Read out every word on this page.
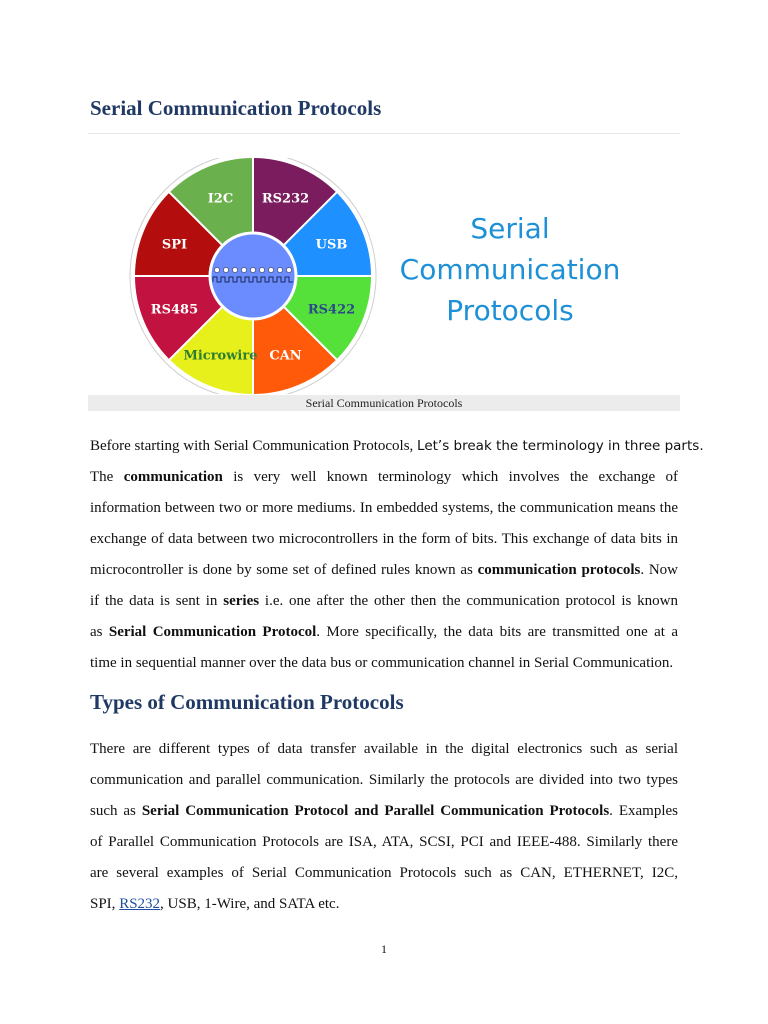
Serial Communication Protocols
I2C RS232
USB
RS422
CAN
Microwire
RS485
SPI	Serial
Communication
Protocols
Serial Communication Protocols
Before starting with Serial Communication Protocols, Let’s break the terminology in three parts.
The communication is very well known terminology which involves the exchange of
information between two or more mediums. In embedded systems, the communication means the
exchange of data between two microcontrollers in the form of bits. This exchange of data bits in
microcontroller is done by some set of defined rules known as communication protocols. Now
if the data is sent in series i.e. one after the other then the communication protocol is known
as Serial Communication Protocol. More specifically, the data bits are transmitted one at a
time in sequential manner over the data bus or communication channel in Serial Communication.
Types of Communication Protocols
There are different types of data transfer available in the digital electronics such as serial
communication and parallel communication. Similarly the protocols are divided into two types
such as Serial Communication Protocol and Parallel Communication Protocols. Examples
of Parallel Communication Protocols are ISA, ATA, SCSI, PCI and IEEE-488. Similarly there
are several examples of Serial Communication Protocols such as CAN, ETHERNET, I2C,
SPI, RS232, USB, 1-Wire, and SATA etc.
1
